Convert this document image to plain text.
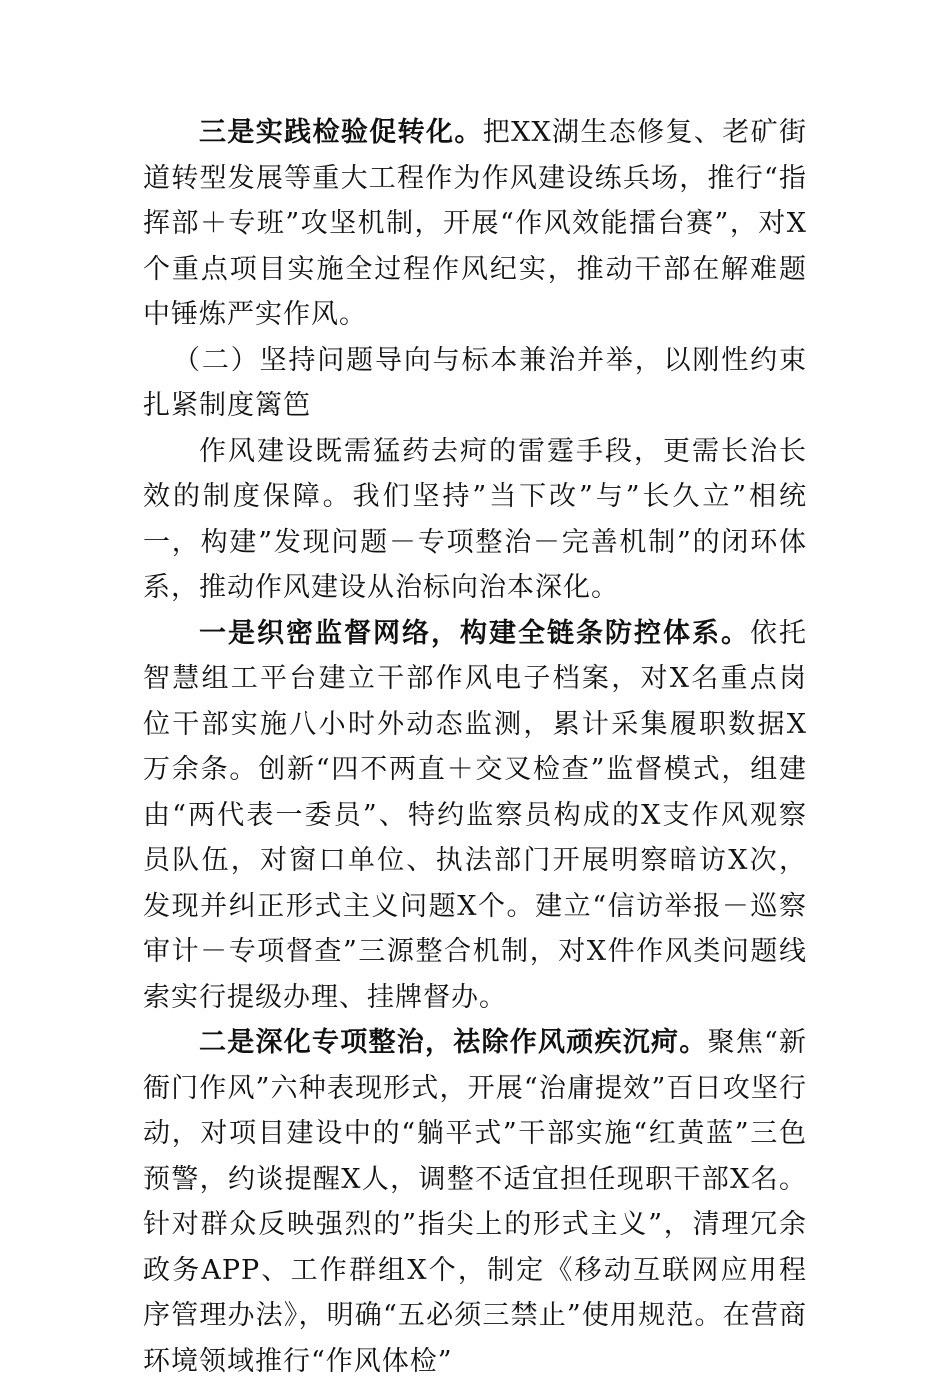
三是实践检验促转化。把XX湖生态修复、老矿街道转型发展等重大工程作为作风建设练兵场，推行“指挥部＋专班”攻坚机制，开展“作风效能擂台赛”，对X个重点项目实施全过程作风纪实，推动干部在解难题中锤炼严实作风。

（二）坚持问题导向与标本兼治并举，以刚性约束扎紧制度篱笆

作风建设既需猛药去疴的雷霆手段，更需长治长效的制度保障。我们坚持”当下改”与”长久立”相统一，构建”发现问题－专项整治－完善机制”的闭环体系，推动作风建设从治标向治本深化。

一是织密监督网络，构建全链条防控体系。依托智慧组工平台建立干部作风电子档案，对X名重点岗位干部实施八小时外动态监测，累计采集履职数据X万余条。创新“四不两直＋交叉检查”监督模式，组建由“两代表一委员”、特约监察员构成的X支作风观察员队伍，对窗口单位、执法部门开展明察暗访X次，发现并纠正形式主义问题X个。建立“信访举报－巡察审计－专项督查”三源整合机制，对X件作风类问题线索实行提级办理、挂牌督办。

二是深化专项整治，祛除作风顽疾沉疴。聚焦“新衙门作风”六种表现形式，开展“治庸提效”百日攻坚行动，对项目建设中的“躺平式”干部实施“红黄蓝”三色预警，约谈提醒X人，调整不适宜担任现职干部X名。针对群众反映强烈的”指尖上的形式主义”，清理冗余政务APP、工作群组X个，制定《移动互联网应用程序管理办法》，明确“五必须三禁止”使用规范。在营商环境领域推行“作风体检”
